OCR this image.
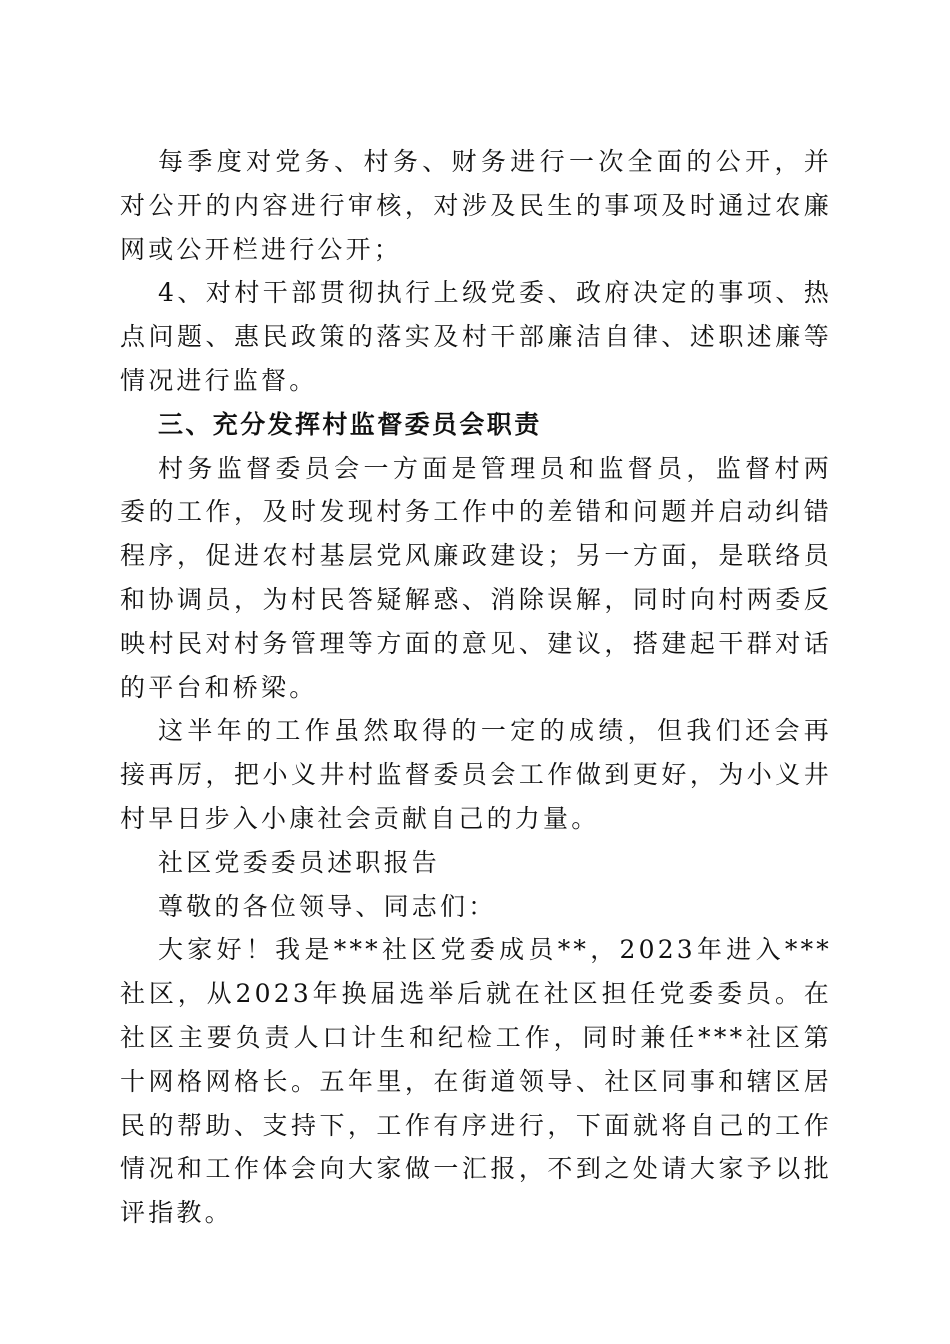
每季度对党务、村务、财务进行一次全面的公开，并对公开的内容进行审核，对涉及民生的事项及时通过农廉网或公开栏进行公开；

4、对村干部贯彻执行上级党委、政府决定的事项、热点问题、惠民政策的落实及村干部廉洁自律、述职述廉等情况进行监督。

三、充分发挥村监督委员会职责

村务监督委员会一方面是管理员和监督员，监督村两委的工作，及时发现村务工作中的差错和问题并启动纠错程序，促进农村基层党风廉政建设；另一方面，是联络员和协调员，为村民答疑解惑、消除误解，同时向村两委反映村民对村务管理等方面的意见、建议，搭建起干群对话的平台和桥梁。

这半年的工作虽然取得的一定的成绩，但我们还会再接再厉，把小义井村监督委员会工作做到更好，为小义井村早日步入小康社会贡献自己的力量。

社区党委委员述职报告

尊敬的各位领导、同志们：

大家好！我是***社区党委成员**，2023年进入***社区，从2023年换届选举后就在社区担任党委委员。在社区主要负责人口计生和纪检工作，同时兼任***社区第十网格网格长。五年里，在街道领导、社区同事和辖区居民的帮助、支持下，工作有序进行，下面就将自己的工作情况和工作体会向大家做一汇报，不到之处请大家予以批评指教。
